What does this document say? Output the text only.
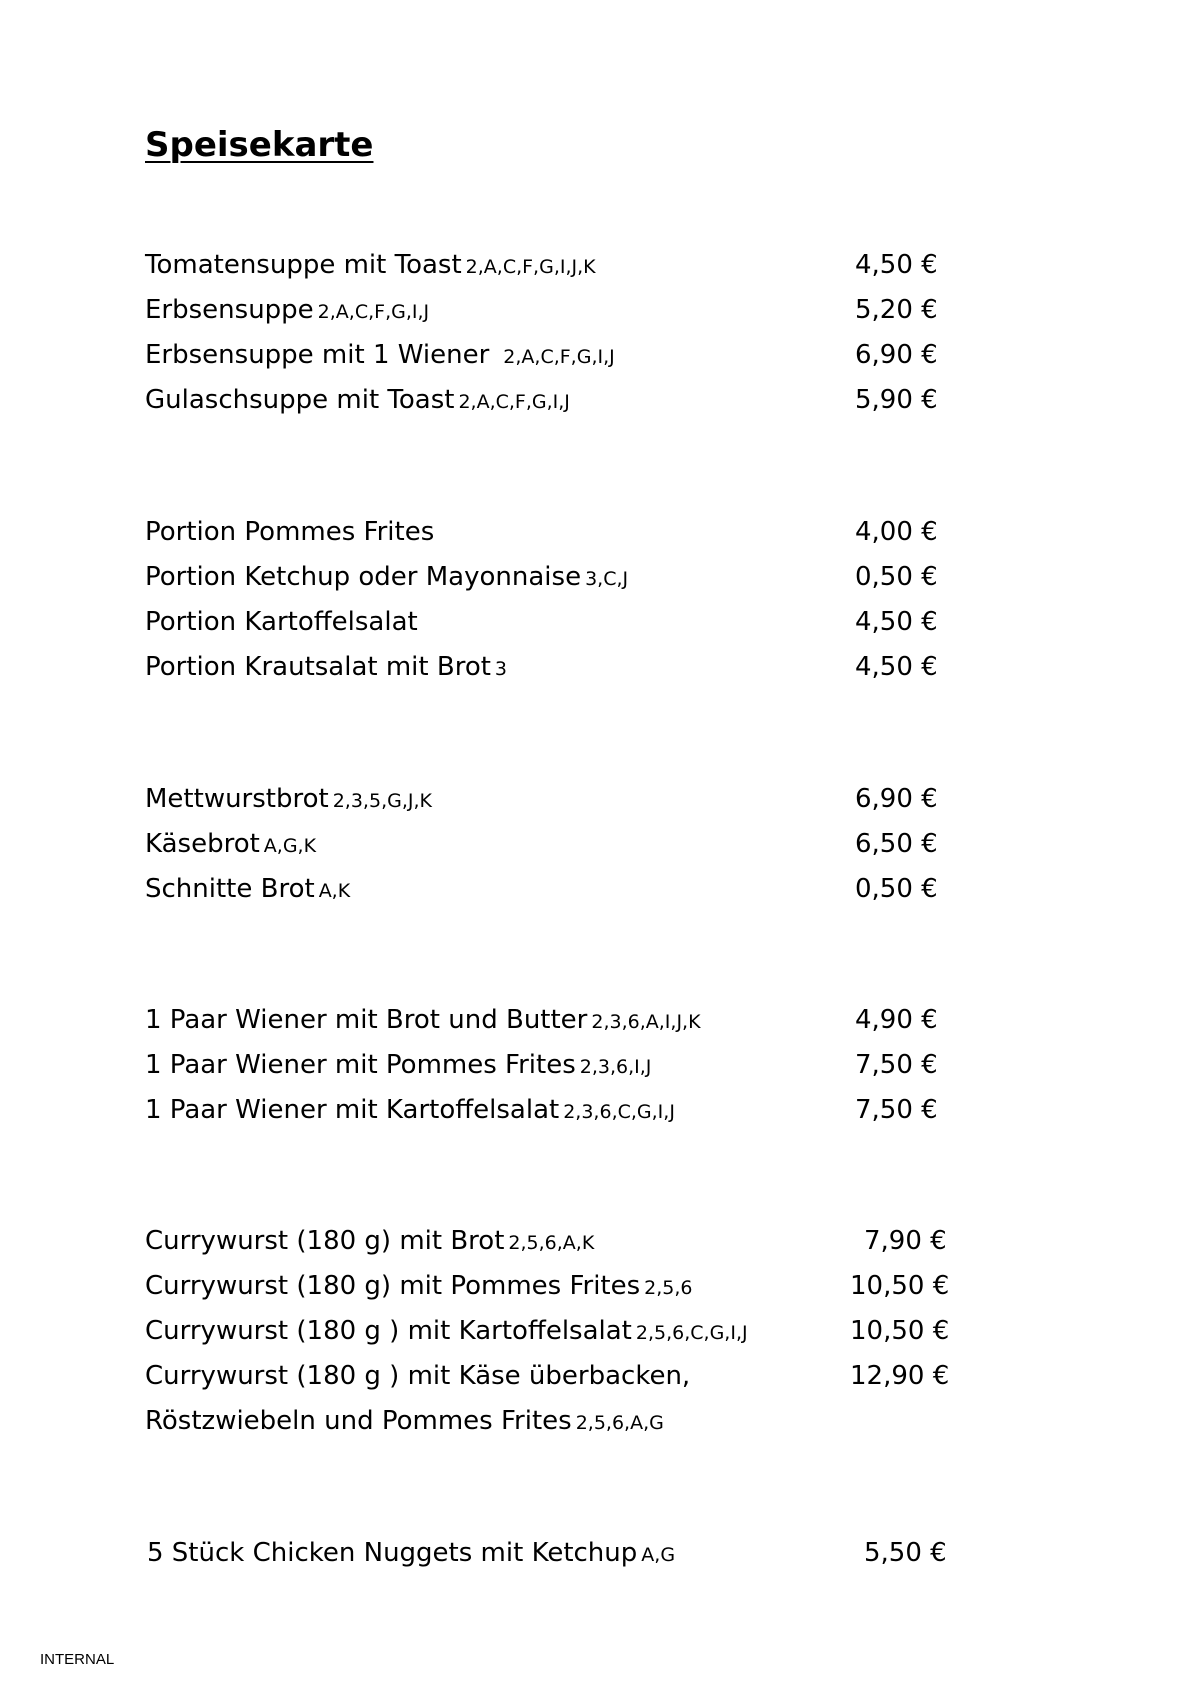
Speisekarte
Tomatensuppe mit Toast 2,A,C,F,G,I,J,K	4,50 €
Erbsensuppe 2,A,C,F,G,I,J	5,20 €
Erbsensuppe mit 1 Wiener 2,A,C,F,G,I,J	6,90 €
Gulaschsuppe mit Toast 2,A,C,F,G,I,J	5,90 €
Portion Pommes Frites	4,00 €
Portion Ketchup oder Mayonnaise 3,C,J	0,50 €
Portion Kartoffelsalat	4,50 €
Portion Krautsalat mit Brot 3	4,50 €
Mettwurstbrot 2,3,5,G,J,K	6,90 €
Käsebrot A,G,K	6,50 €
Schnitte Brot A,K	0,50 €
1 Paar Wiener mit Brot und Butter 2,3,6,A,I,J,K	4,90 €
1 Paar Wiener mit Pommes Frites 2,3,6,I,J	7,50 €
1 Paar Wiener mit Kartoffelsalat 2,3,6,C,G,I,J	7,50 €
Currywurst (180 g) mit Brot 2,5,6,A,K	7,90 €
Currywurst (180 g) mit Pommes Frites 2,5,6	10,50 €
Currywurst (180 g ) mit Kartoffelsalat 2,5,6,C,G,I,J	10,50 €
Currywurst (180 g ) mit Käse überbacken,	12,90 €
Röstzwiebeln und Pommes Frites 2,5,6,A,G
5 Stück Chicken Nuggets mit Ketchup A,G	5,50 €
INTERNAL
